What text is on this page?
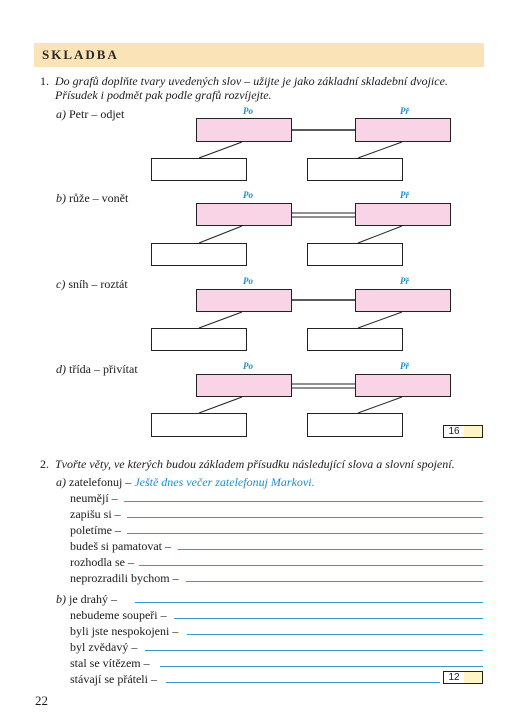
SKLADBA
1. Do grafů doplňte tvary uvedených slov – užijte je jako základní skladební dvojice.
Přísudek i podmět pak podle grafů rozvíjejte.
a) Petr – odjet	Po	Př
b) růže – vonět	Po	Př
c) sníh – roztát	Po	Př
d) třída – přivítat	Po	Př
16
2. Tvořte věty, ve kterých budou základem přísudku následující slova a slovní spojení.
a) zatelefonuj – Ještě dnes večer zatelefonuj Markovi.
neumějí –
zapišu si –
poletíme –
budeš si pamatovat –
rozhodla se –
neprozradili bychom –
b) je drahý –
nebudeme soupeři –
byli jste nespokojeni –
byl zvědavý –
stal se vítězem –
stávají se přáteli –	12
22
